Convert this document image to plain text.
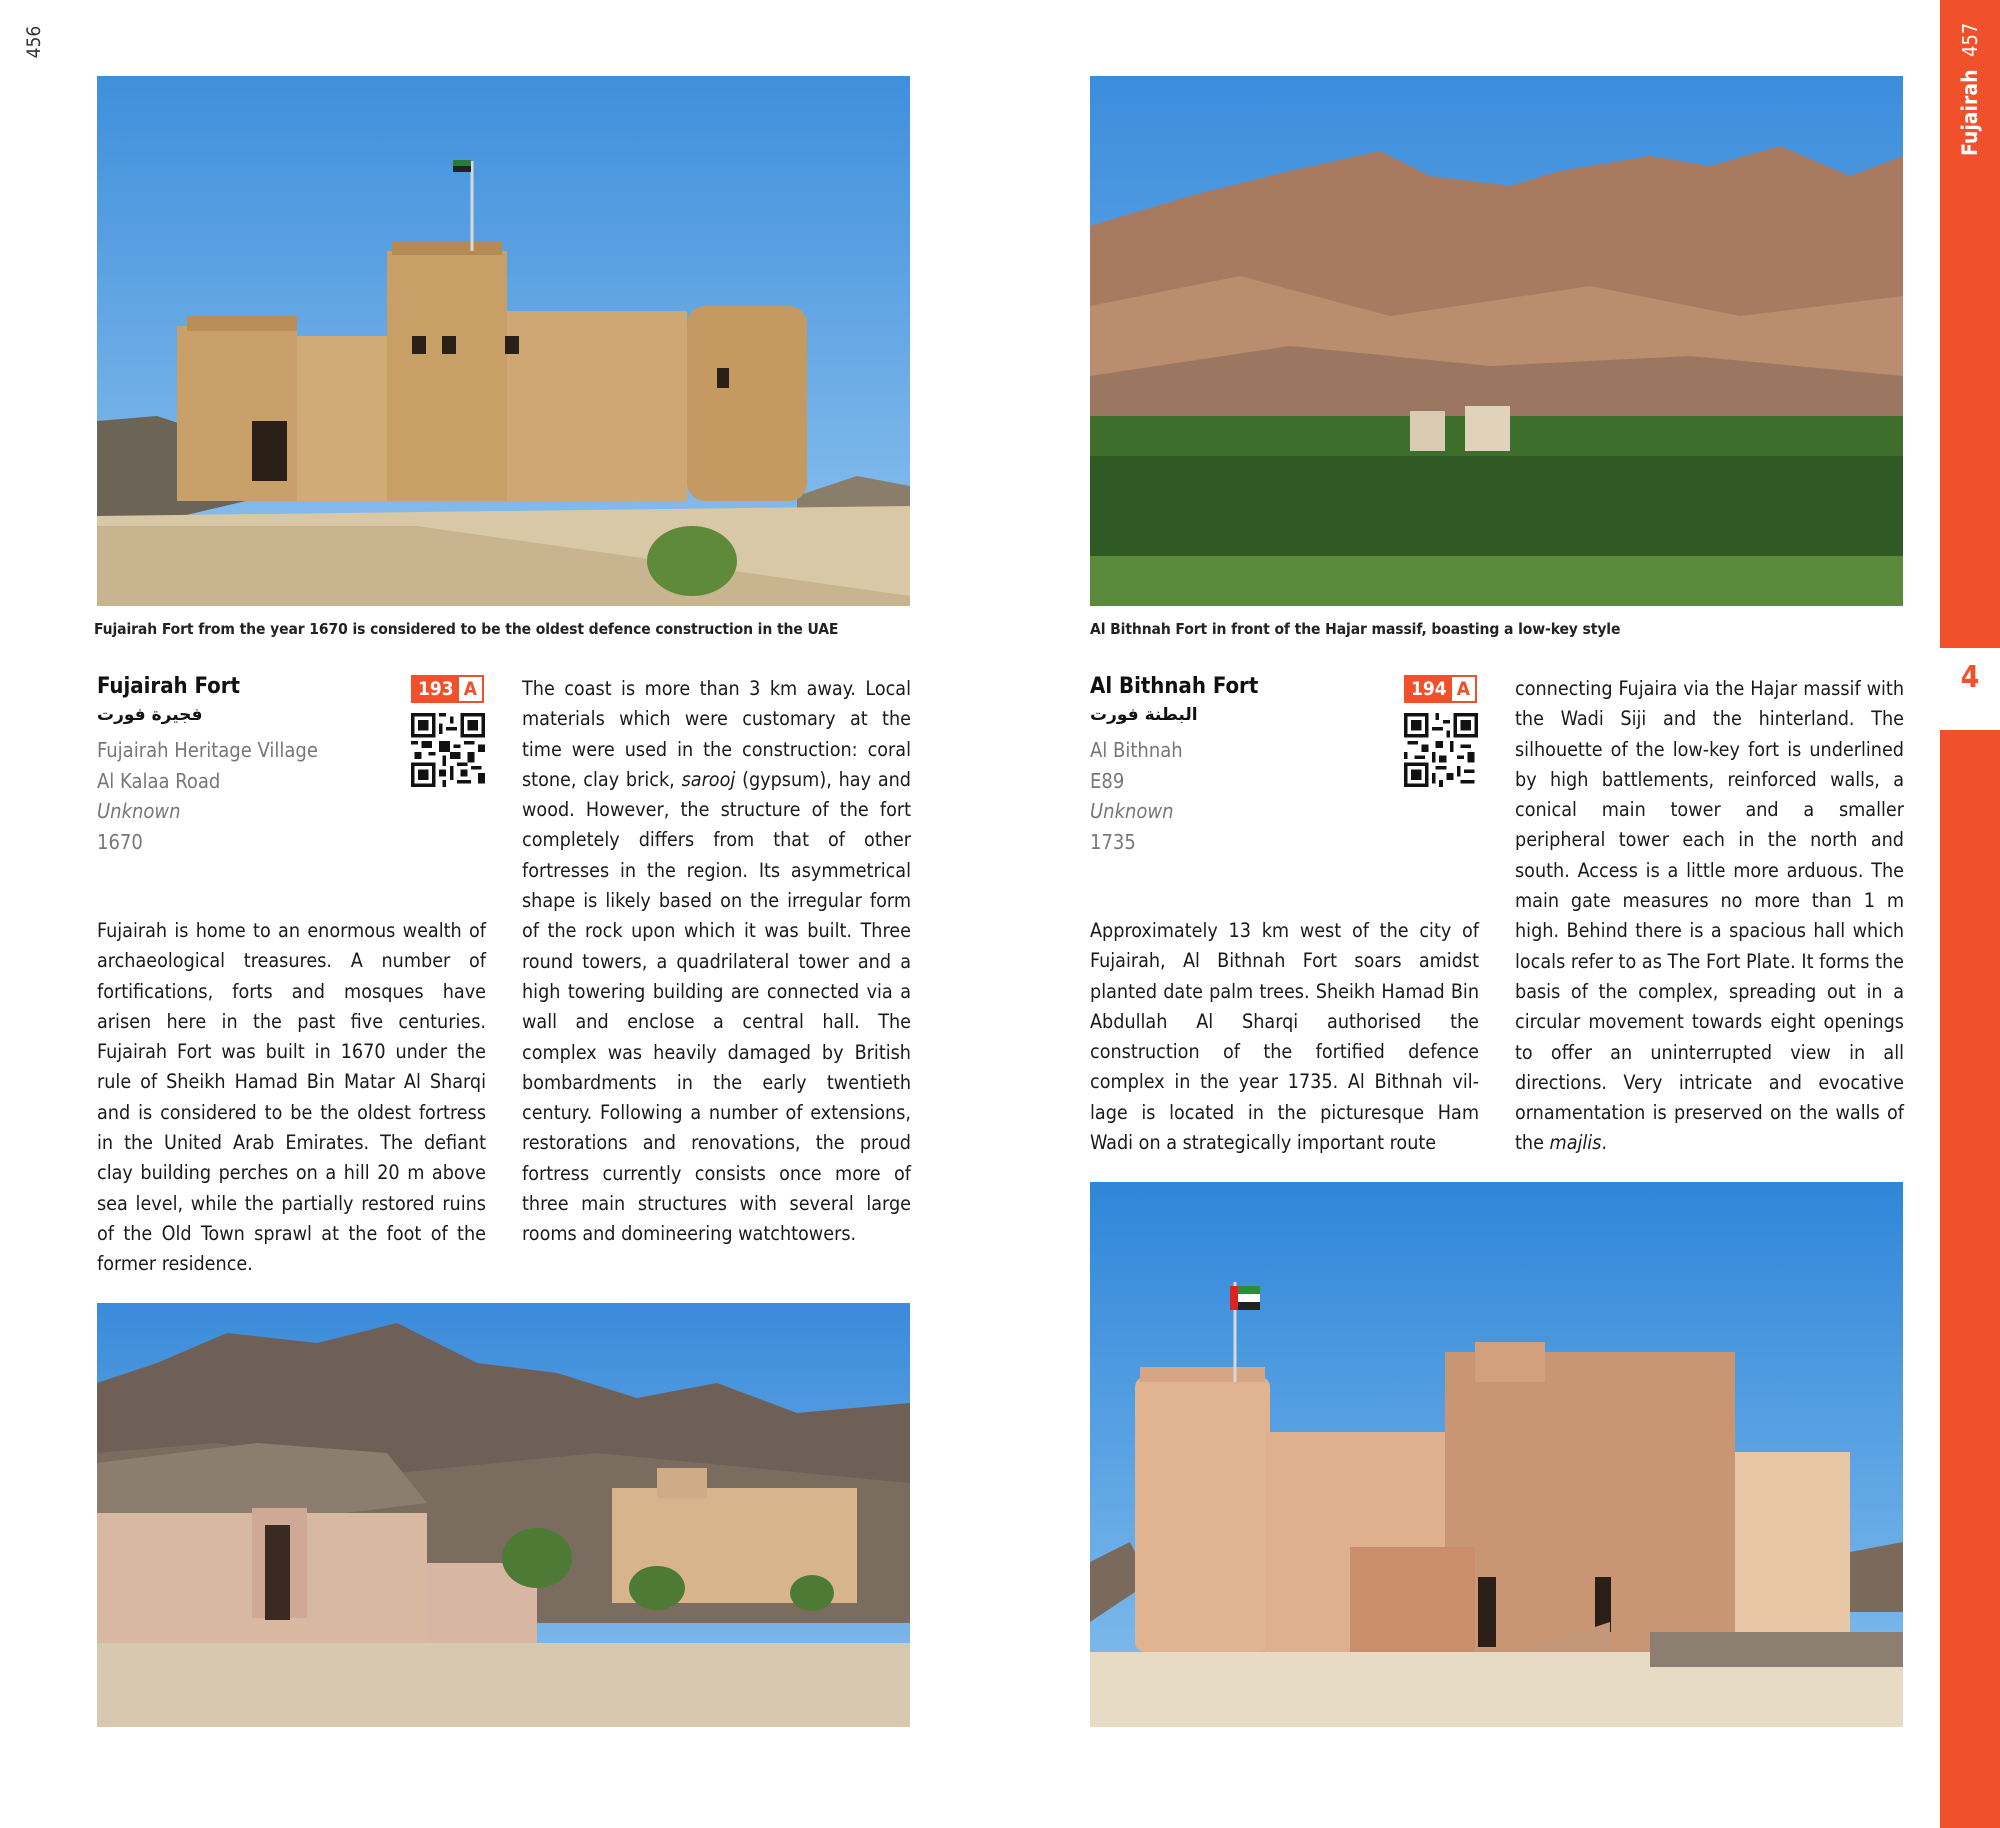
456
Fujairah Fort from the year 1670 is considered to be the oldest defence construction in the UAE
Fujairah Fort
فجيرة فورت
193 A
Fujairah Heritage Village
Al Kalaa Road
Unknown
1670

Fujairah is home to an enormous wealth of archaeological treasures. A number of fortifications, forts and mosques have arisen here in the past five centuries. Fujairah Fort was built in 1670 under the rule of Sheikh Hamad Bin Matar Al Sharqi and is considered to be the oldest fortress in the United Arab Emirates. The defiant clay building perches on a hill 20 m above sea level, while the partially restored ruins of the Old Town sprawl at the foot of the former residence.

The coast is more than 3 km away. Local materials which were customary at the time were used in the construction: coral stone, clay brick, sarooj (gypsum), hay and wood. However, the structure of the fort completely differs from that of other fortresses in the region. Its asymmetrical shape is likely based on the irregular form of the rock upon which it was built. Three round towers, a quadrilateral tower and a high towering building are connected via a wall and enclose a central hall. The complex was heavily damaged by British bombardments in the early twentieth century. Following a number of extensions, restorations and renovations, the proud fortress currently consists once more of three main structures with several large rooms and domineering watchtowers.

Al Bithnah Fort in front of the Hajar massif, boasting a low-key style
Al Bithnah Fort
البطنة فورت
194 A
Al Bithnah
E89
Unknown
1735

Approximately 13 km west of the city of Fujairah, Al Bithnah Fort soars amidst planted date palm trees. Sheikh Hamad Bin Abdullah Al Sharqi authorised the construction of the fortified defence complex in the year 1735. Al Bithnah village is located in the picturesque Ham Wadi on a strategically important route

connecting Fujaira via the Hajar massif with the Wadi Siji and the hinterland. The silhouette of the low-key fort is underlined by high battlements, reinforced walls, a conical main tower and a smaller peripheral tower each in the north and south. Access is a little more arduous. The main gate measures no more than 1 m high. Behind there is a spacious hall which locals refer to as The Fort Plate. It forms the basis of the complex, spreading out in a circular movement towards eight openings to offer an uninterrupted view in all directions. Very intricate and evocative ornamentation is preserved on the walls of the majlis.

457
Fujairah
4
